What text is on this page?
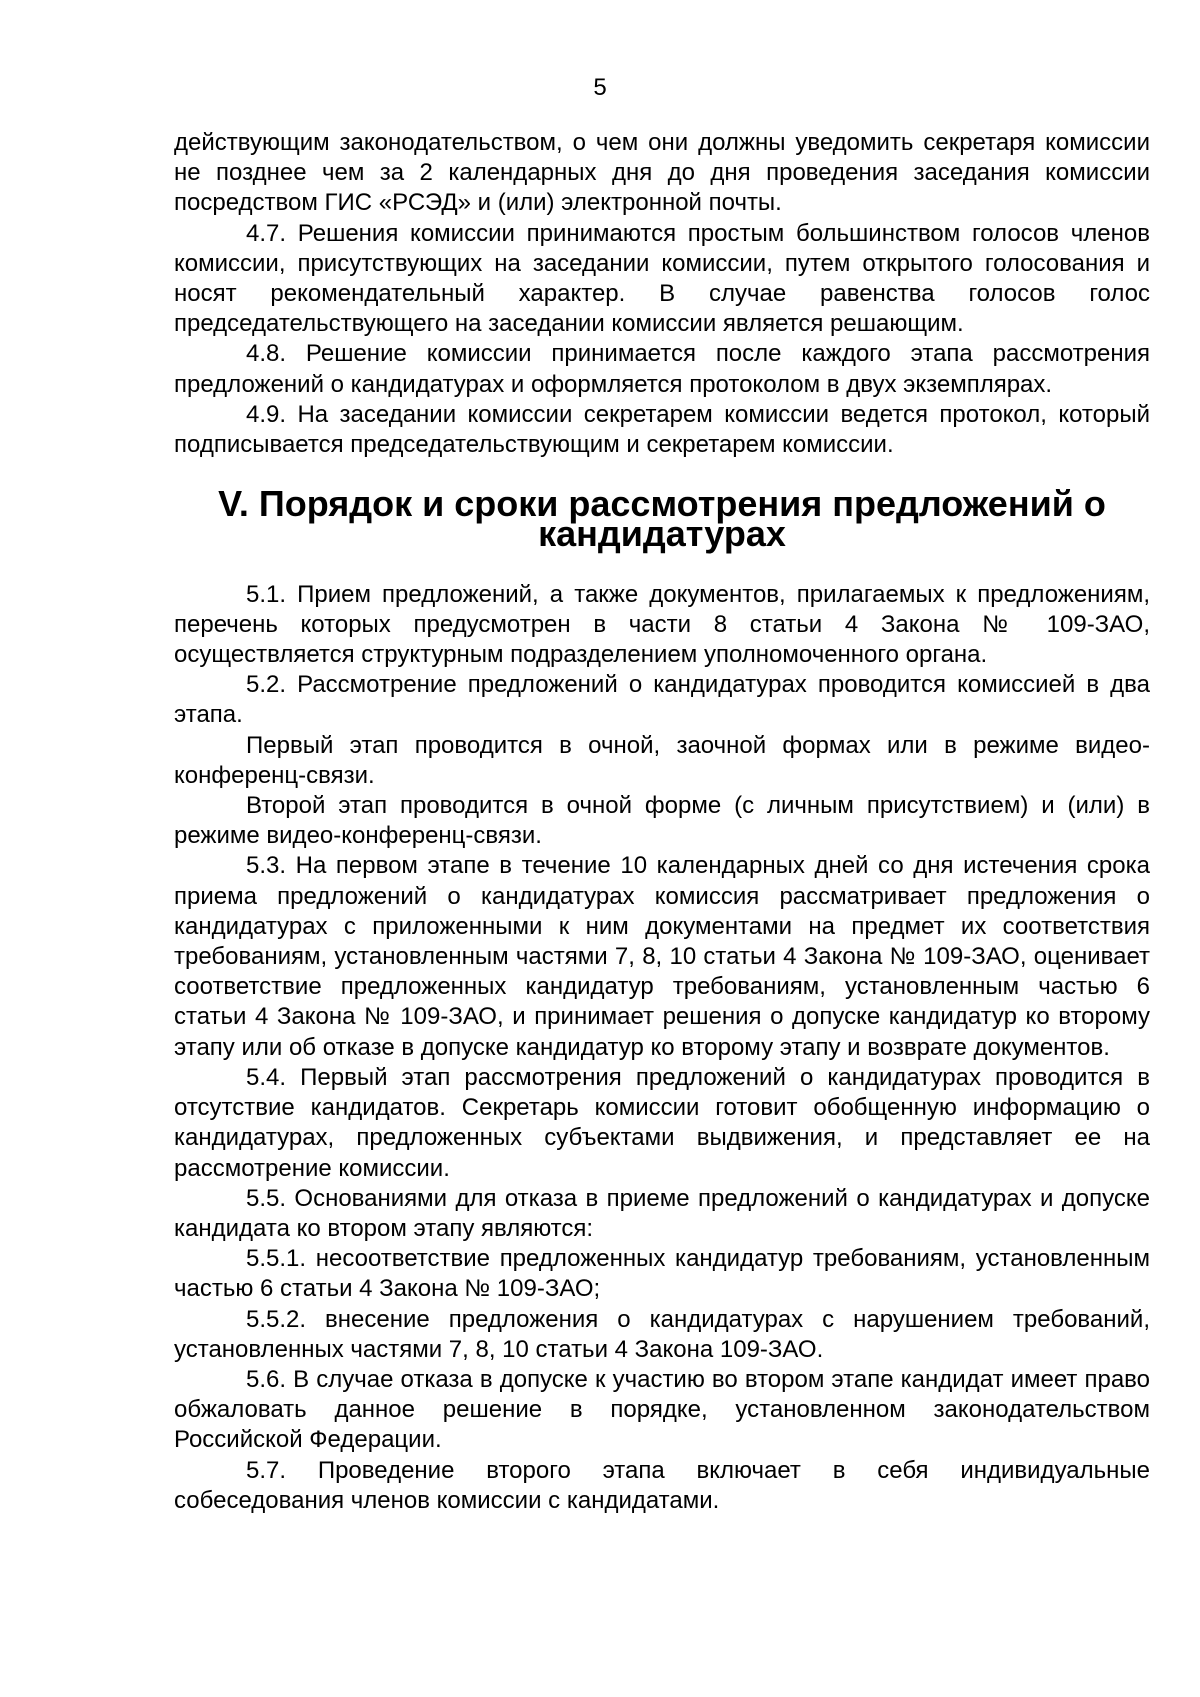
5

действующим законодательством, о чем они должны уведомить секретаря комиссии не позднее чем за 2 календарных дня до дня проведения заседания комиссии посредством ГИС «РСЭД» и (или) электронной почты.

4.7. Решения комиссии принимаются простым большинством голосов членов комиссии, присутствующих на заседании комиссии, путем открытого голосования и носят рекомендательный характер. В случае равенства голосов голос председательствующего на заседании комиссии является решающим.

4.8. Решение комиссии принимается после каждого этапа рассмотрения предложений о кандидатурах и оформляется протоколом в двух экземплярах.

4.9. На заседании комиссии секретарем комиссии ведется протокол, который подписывается председательствующим и секретарем комиссии.

V. Порядок и сроки рассмотрения предложений о кандидатурах

5.1. Прием предложений, а также документов, прилагаемых к предложениям, перечень которых предусмотрен в части 8 статьи 4 Закона № 109-ЗАО, осуществляется структурным подразделением уполномоченного органа.

5.2. Рассмотрение предложений о кандидатурах проводится комиссией в два этапа.

Первый этап проводится в очной, заочной формах или в режиме видео-конференц-связи.

Второй этап проводится в очной форме (с личным присутствием) и (или) в режиме видео-конференц-связи.

5.3. На первом этапе в течение 10 календарных дней со дня истечения срока приема предложений о кандидатурах комиссия рассматривает предложения о кандидатурах с приложенными к ним документами на предмет их соответствия требованиям, установленным частями 7, 8, 10 статьи 4 Закона № 109-ЗАО, оценивает соответствие предложенных кандидатур требованиям, установленным частью 6 статьи 4 Закона № 109-ЗАО, и принимает решения о допуске кандидатур ко второму этапу или об отказе в допуске кандидатур ко второму этапу и возврате документов.

5.4. Первый этап рассмотрения предложений о кандидатурах проводится в отсутствие кандидатов. Секретарь комиссии готовит обобщенную информацию о кандидатурах, предложенных субъектами выдвижения, и представляет ее на рассмотрение комиссии.

5.5. Основаниями для отказа в приеме предложений о кандидатурах и допуске кандидата ко втором этапу являются:

5.5.1. несоответствие предложенных кандидатур требованиям, установленным частью 6 статьи 4 Закона № 109-ЗАО;

5.5.2. внесение предложения о кандидатурах с нарушением требований, установленных частями 7, 8, 10 статьи 4 Закона 109-ЗАО.

5.6. В случае отказа в допуске к участию во втором этапе кандидат имеет право обжаловать данное решение в порядке, установленном законодательством Российской Федерации.

5.7. Проведение второго этапа включает в себя индивидуальные собеседования членов комиссии с кандидатами.
